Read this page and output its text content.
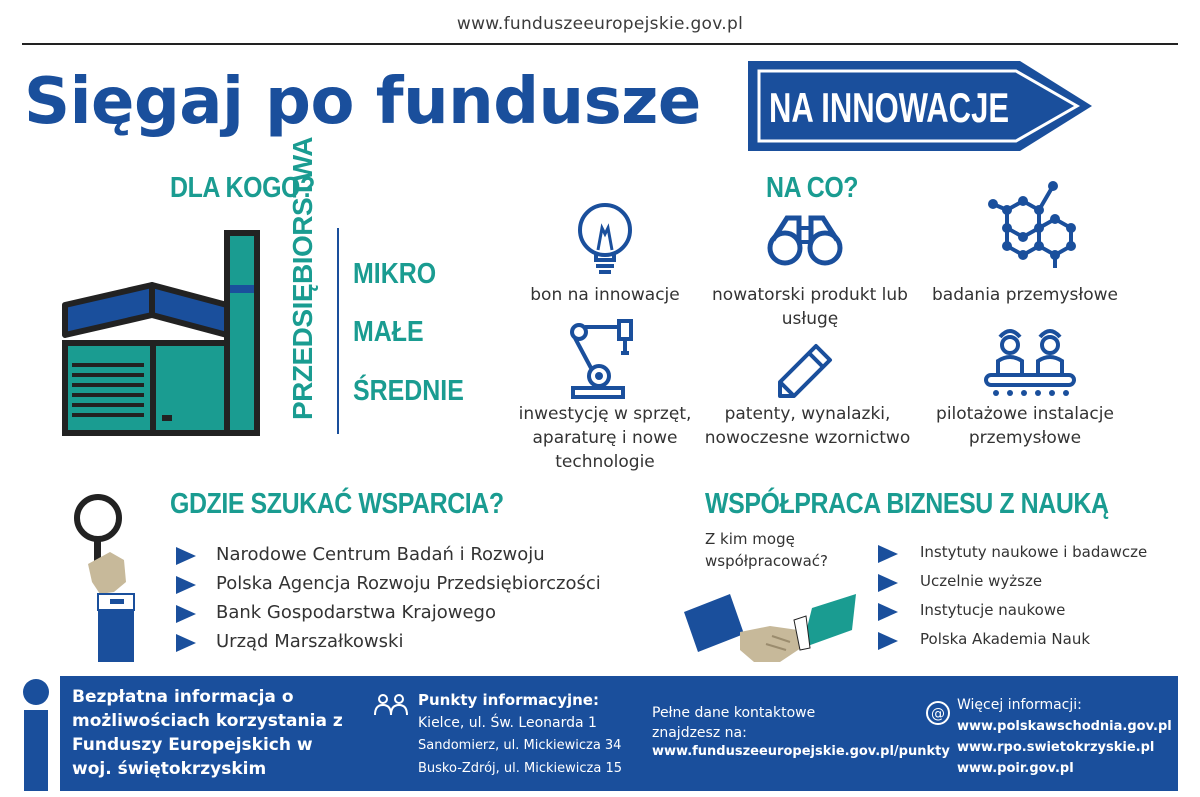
www.funduszeeuropejskie.gov.pl
Sięgaj po fundusze NA INNOWACJE
DLA KOGO?
PRZEDSIĘBIORSTWA MIKRO
MAŁE
ŚREDNIE
NA CO?
bon na innowacje	nowatorski produkt lub usługę
badania przemysłowe
inwestycję w sprzęt, aparaturę i nowe technologie
patenty, wynalazki, nowoczesne wzornictwo
pilotażowe instalacje przemysłowe
GDZIE SZUKAĆ WSPARCIA?
Narodowe Centrum Badań i Rozwoju
Polska Agencja Rozwoju Przedsiębiorczości
Bank Gospodarstwa Krajowego
Urząd Marszałkowski
WSPÓŁPRACA BIZNESU Z NAUKĄ
Z kim mogę współpracować?	Instytuty naukowe i badawcze
Uczelnie wyższe
Instytucje naukowe
Polska Akademia Nauk
Bezpłatna informacja o możliwościach korzystania z Funduszy Europejskich w woj. świętokrzyskim
Punkty informacyjne:
Kielce, ul. Św. Leonarda 1
Sandomierz, ul. Mickiewicza 34
Busko-Zdrój, ul. Mickiewicza 15
Pełne dane kontaktowe znajdzesz na:
www.funduszeeuropejskie.gov.pl/punkty
@
Więcej informacji:
www.polskawschodnia.gov.pl
www.rpo.swietokrzyskie.pl
www.poir.gov.pl
